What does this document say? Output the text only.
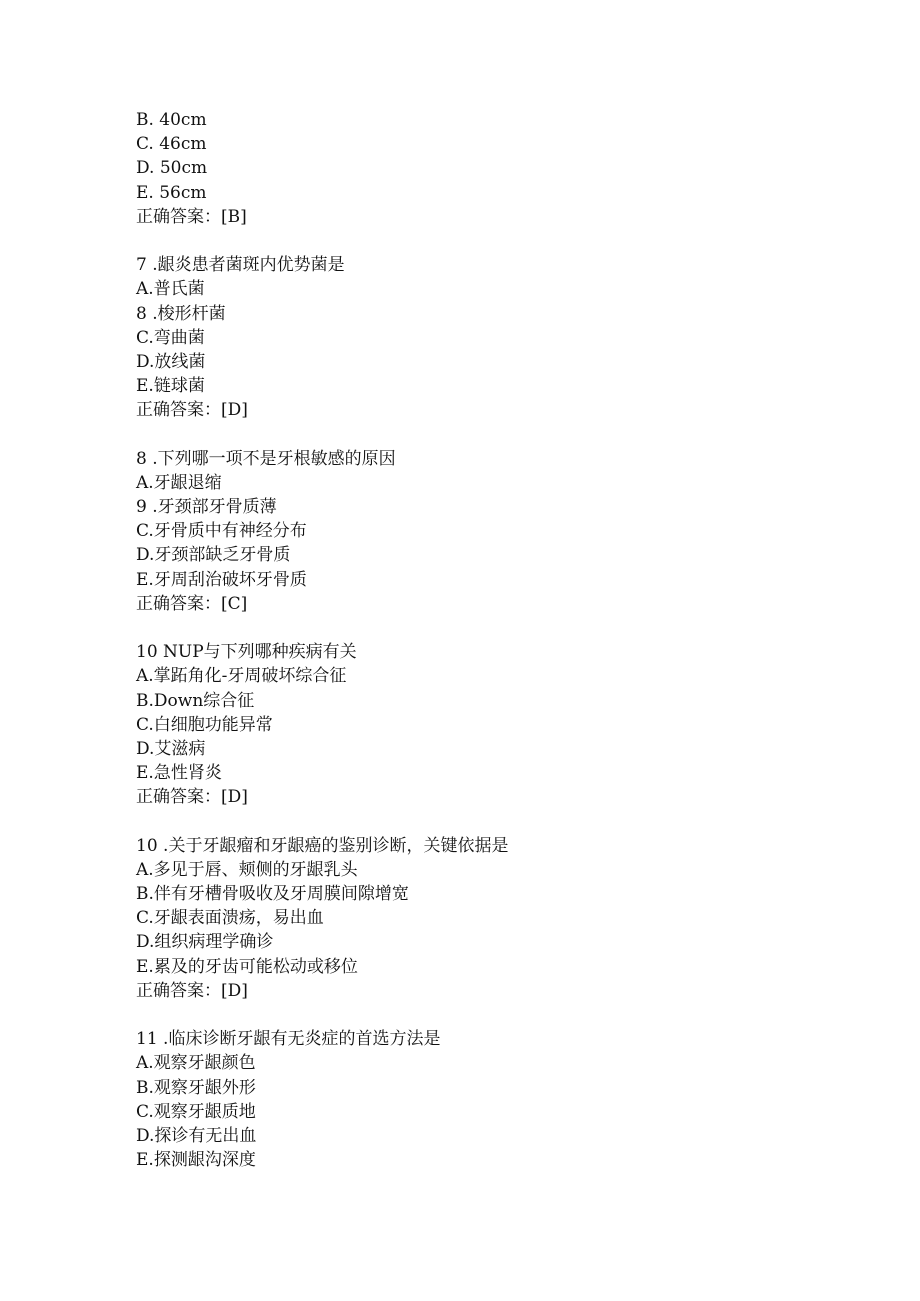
B. 40cm
C. 46cm
D. 50cm
E. 56cm
正确答案：[B]
7 .龈炎患者菌斑内优势菌是
A.普氏菌
8 .梭形杆菌
C.弯曲菌
D.放线菌
E.链球菌
正确答案：[D]
8 .下列哪一项不是牙根敏感的原因
A.牙龈退缩
9 .牙颈部牙骨质薄
C.牙骨质中有神经分布
D.牙颈部缺乏牙骨质
E.牙周刮治破坏牙骨质
正确答案：[C]
10 NUP与下列哪种疾病有关
A.掌跖角化-牙周破坏综合征
B.Down综合征
C.白细胞功能异常
D.艾滋病
E.急性肾炎
正确答案：[D]
10 .关于牙龈瘤和牙龈癌的鉴别诊断，关键依据是
A.多见于唇、颊侧的牙龈乳头
B.伴有牙槽骨吸收及牙周膜间隙增宽
C.牙龈表面溃疡，易出血
D.组织病理学确诊
E.累及的牙齿可能松动或移位
正确答案：[D]
11 .临床诊断牙龈有无炎症的首选方法是
A.观察牙龈颜色
B.观察牙龈外形
C.观察牙龈质地
D.探诊有无出血
E.探测龈沟深度
